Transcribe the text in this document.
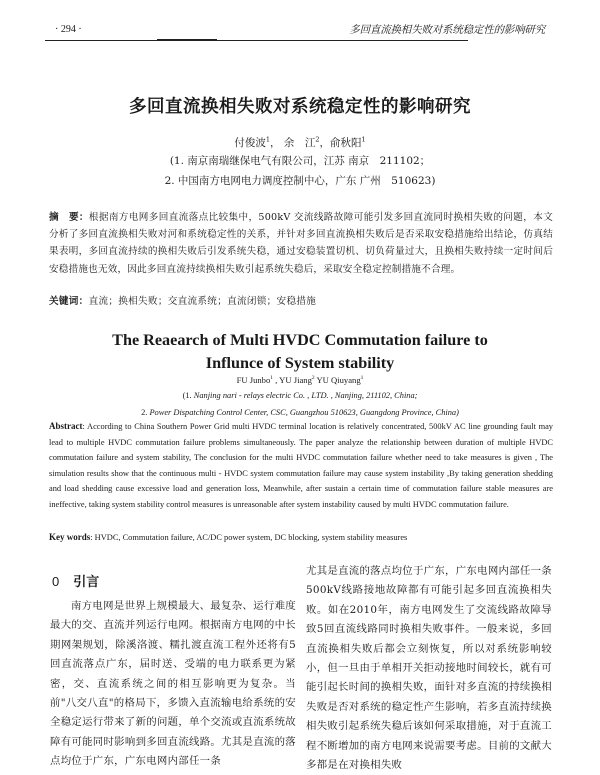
· 294 ·	多回直流换相失败对系统稳定性的影响研究
多回直流换相失败对系统稳定性的影响研究
付俊波$^1$， 余　江$^2$，俞秋阳$^1$
(1. 南京南瑞继保电气有限公司，江苏 南京　211102；
2. 中国南方电网电力调度控制中心，广东 广州　510623)
摘　要：根据南方电网多回直流落点比较集中，500kV 交流线路故障可能引发多回直流同时换相失败的问题，本文分析了多回直流换相失败对河和系统稳定性的关系，并针对多回直流换相失败后是否采取安稳措施给出结论，仿真结果表明，多回直流持续的换相失败后引发系统失稳，通过安稳装置切机、切负荷量过大，且换相失败持续一定时间后安稳措施也无效，因此多回直流持续换相失败引起系统失稳后，采取安全稳定控制措施不合理。
关键词：直流；换相失败；交直流系统；直流闭锁；安稳措施
The Reaearch of Multi HVDC Commutation failure to
Influnce of System stability
FU Junbo$^1$ , YU Jiang$^2$ YU Qiuyang$^1$
(1. Nanjing nari - relays electric Co. , LTD. , Nanjing, 211102, China;
2. Power Dispatching Control Center, CSC, Guangzhou 510623, Guangdong Province, China)
Abstract: According to China Southern Power Grid multi HVDC terminal location is relatively concentrated, 500kV AC line grounding fault may lead to multiple HVDC commutation failure problems simultaneously. The paper analyze the relationship between duration of multiple HVDC commutation failure and system stability, The conclusion for the multi HVDC commutation failure whether need to take measures is given , The simulation results show that the continuous multi - HVDC system commutation failure may cause system instability ,By taking generation shedding and load shedding cause excessive load and generation loss, Meanwhile, after sustain a certain time of commutation failure stable measures are ineffective, taking system stability control measures is unreasonable after system instability caused by multi HVDC commutation failure.
Key words: HVDC, Commutation failure, AC/DC power system, DC blocking, system stability measures
0 引言
南方电网是世界上规模最大、最复杂、运行难度最大的交、直流并列运行电网。根据南方电网的中长期网架规划，除溪洛渡、糯扎渡直流工程外还将有5回直流落点广东，届时送、受端的电力联系更为紧密，交、直流系统之间的相互影响更为复杂。当前"八交八直"的格局下，多馈入直流输电给系统的安全稳定运行带来了新的问题，单个交流或直流系统故障有可能同时影响到多回直流线路。尤其是直流的落点均位于广东，广东电网内部任一条
尤其是直流的落点均位于广东，广东电网内部任一条500kV线路接地故障都有可能引起多回直流换相失败。如在2010年，南方电网发生了交流线路故障导致5回直流线路同时换相失败事件。一般来说，多回直流换相失败后都会立刻恢复，所以对系统影响较小，但一旦由于单相开关拒动接地时间较长，就有可能引起长时间的换相失败，面针对多直流的持续换相失败是否对系统的稳定性产生影响，若多直流持续换相失败引起系统失稳后该如何采取措施，对于直流工程不断增加的南方电网来说需要考虑。目前的文献大多都是在对换相失败
